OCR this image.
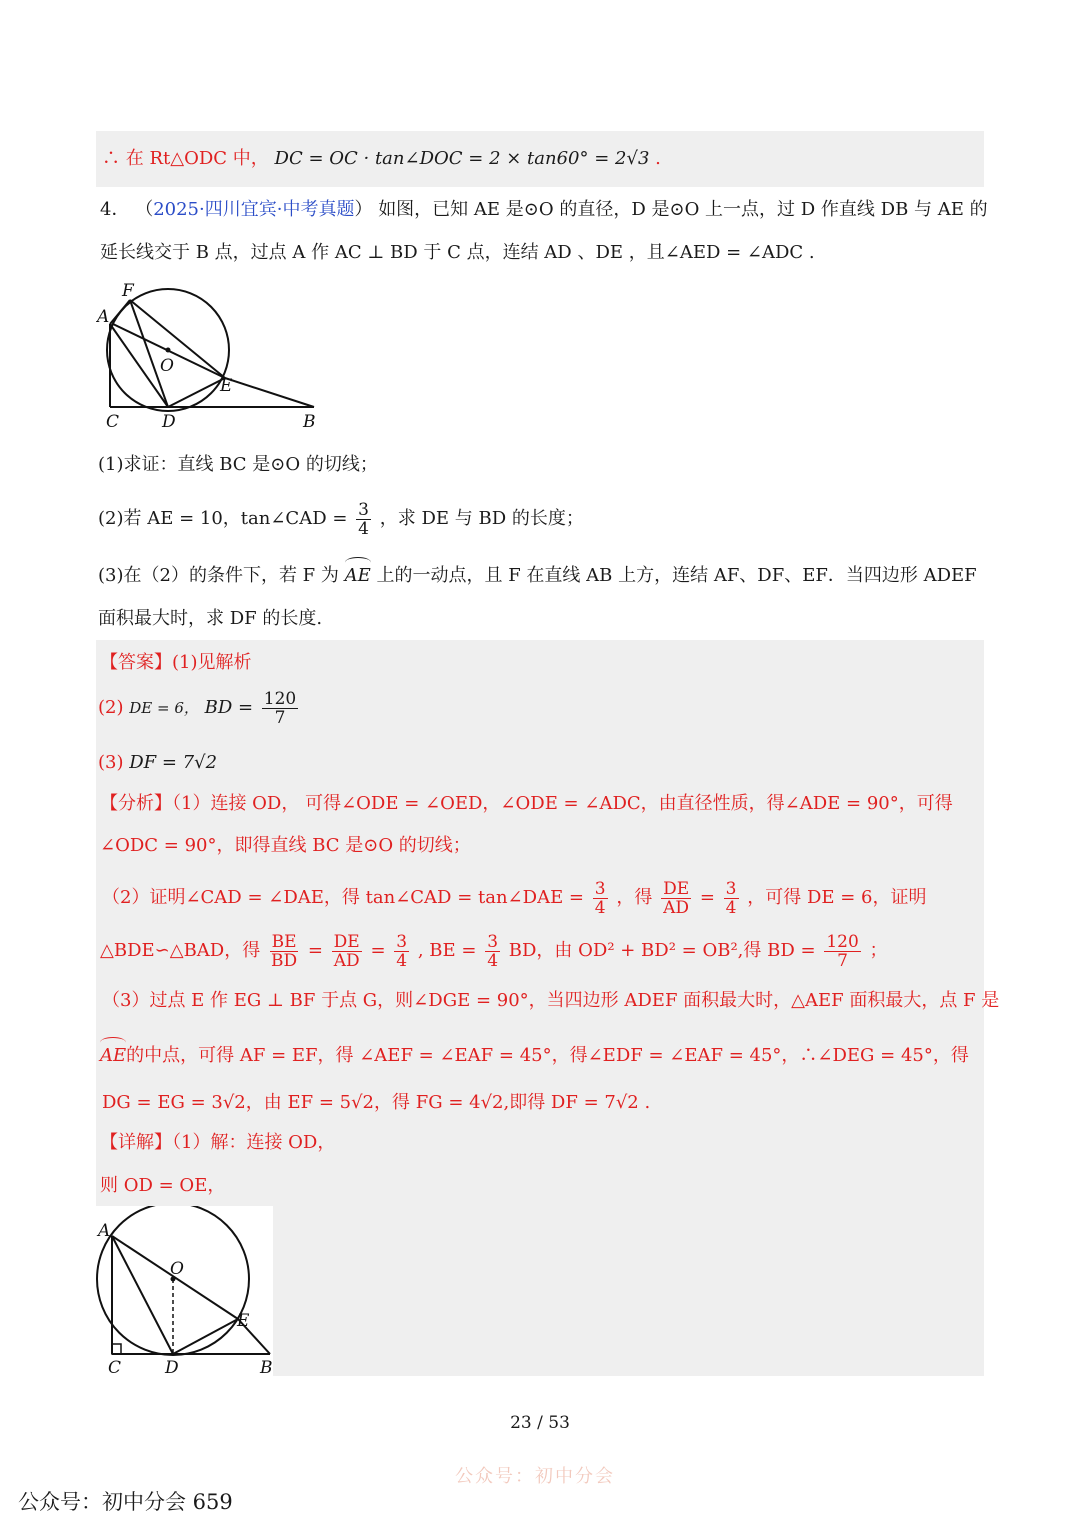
∴ 在 Rt△ODC 中， DC = OC · tan∠DOC = 2 × tan60° = 2√3 .
4． （2025·四川宜宾·中考真题） 如图，已知 AE 是⊙O 的直径，D 是⊙O 上一点，过 D 作直线 DB 与 AE 的
延长线交于 B 点，过点 A 作 AC ⊥ BD 于 C 点，连结 AD 、DE ，且∠AED = ∠ADC .
F
A
O
E
C	D	B
(1)求证：直线 BC 是⊙O 的切线；
(2)若 AE = 10，tan∠CAD = $\frac{3}{4}$ ，求 DE 与 BD 的长度；
(3)在（2）的条件下，若 F 为 AE 上的一动点，且 F 在直线 AB 上方，连结 AF、DF、EF．当四边形 ADEF
面积最大时，求 DF 的长度.
【答案】(1)见解析
(2) DE = 6， BD = $\frac{120}{7}$
(3) DF = 7√2
【分析】（1）连接 OD， 可得∠ODE = ∠OED，∠ODE = ∠ADC，由直径性质，得∠ADE = 90°，可得
∠ODC = 90°，即得直线 BC 是⊙O 的切线；
（2）证明∠CAD = ∠DAE，得 tan∠CAD = tan∠DAE = $\frac{3}{4}$ ，得 $\frac{DE}{AD} = \frac{3}{4}$ ，可得 DE = 6，证明
△BDE∽△BAD，得 $\frac{BE}{BD} = \frac{DE}{AD} = \frac{3}{4}$ , BE = $\frac{3}{4}$ BD，由 OD² + BD² = OB²,得 BD = $\frac{120}{7}$ ；
（3）过点 E 作 EG ⊥ BF 于点 G，则∠DGE = 90°，当四边形 ADEF 面积最大时，△AEF 面积最大，点 F 是
AE的中点，可得 AF = EF，得 ∠AEF = ∠EAF = 45°，得∠EDF = ∠EAF = 45°，∴∠DEG = 45°，得
DG = EG = 3√2，由 EF = 5√2，得 FG = 4√2,即得 DF = 7√2 .
【详解】（1）解：连接 OD，
则 OD = OE，
A
O
E
C	D	B
23 / 53
公众号：初中分会
公众号：初中分会 659
